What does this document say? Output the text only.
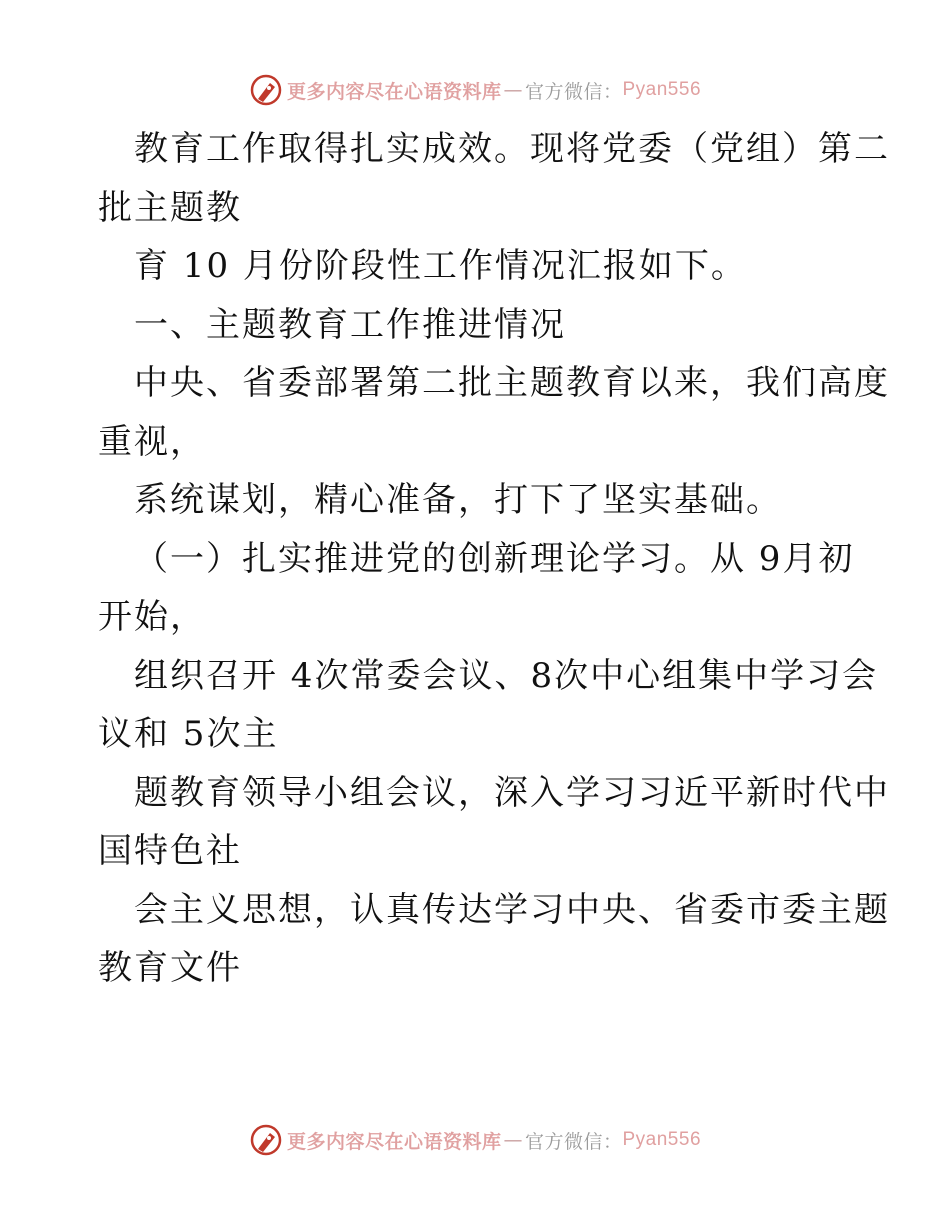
更多内容尽在心语资料库 — 官方微信： Pyan556
教育工作取得扎实成效。现将党委（党组）第二
批主题教
育 10 月份阶段性工作情况汇报如下。
一、主题教育工作推进情况
中央、省委部署第二批主题教育以来，我们高度
重视，
系统谋划，精心准备，打下了坚实基础。
（一）扎实推进党的创新理论学习。从 9月初
开始，
组织召开 4次常委会议、8次中心组集中学习会
议和 5次主
题教育领导小组会议，深入学习习近平新时代中
国特色社
会主义思想，认真传达学习中央、省委市委主题
教育文件
更多内容尽在心语资料库 — 官方微信： Pyan556
